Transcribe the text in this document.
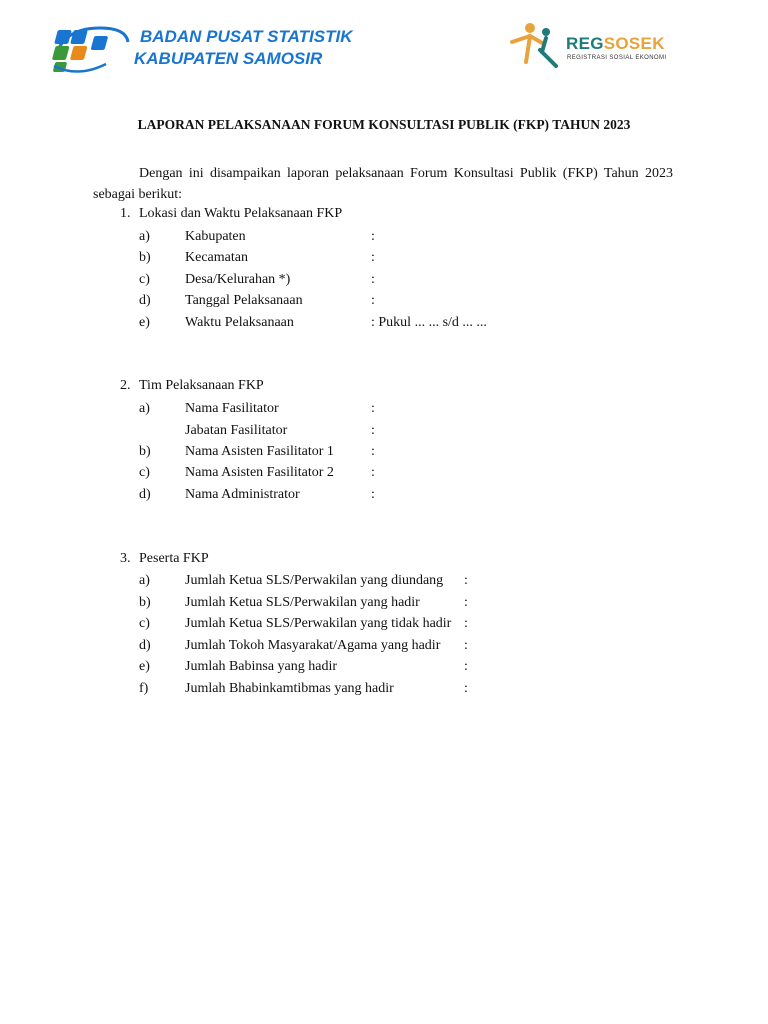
BADAN PUSAT STATISTIK
KABUPATEN SAMOSIR
REGSOSEK
REGISTRASI SOSIAL EKONOMI
LAPORAN PELAKSANAAN FORUM KONSULTASI PUBLIK (FKP) TAHUN 2023
Dengan ini disampaikan laporan pelaksanaan Forum Konsultasi Publik (FKP) Tahun 2023 sebagai berikut:
1. Lokasi dan Waktu Pelaksanaan FKP
a)	Kabupaten	:
b) Kecamatan	:
c)	Desa/Kelurahan *)	:
d) Tanggal Pelaksanaan	:
e)	Waktu Pelaksanaan	: Pukul ... ... s/d ... ...
2. Tim Pelaksanaan FKP
a)	Nama Fasilitator	:
Jabatan Fasilitator	:
b) Nama Asisten Fasilitator 1	:
c)	Nama Asisten Fasilitator 2	:
d) Nama Administrator	:
3. Peserta FKP
a)	Jumlah Ketua SLS/Perwakilan yang diundang :
b) Jumlah Ketua SLS/Perwakilan yang hadir	:
c)	Jumlah Ketua SLS/Perwakilan yang tidak hadir :
d) Jumlah Tokoh Masyarakat/Agama yang hadir :
e)	Jumlah Babinsa yang hadir	:
f)	Jumlah Bhabinkamtibmas yang hadir	:
